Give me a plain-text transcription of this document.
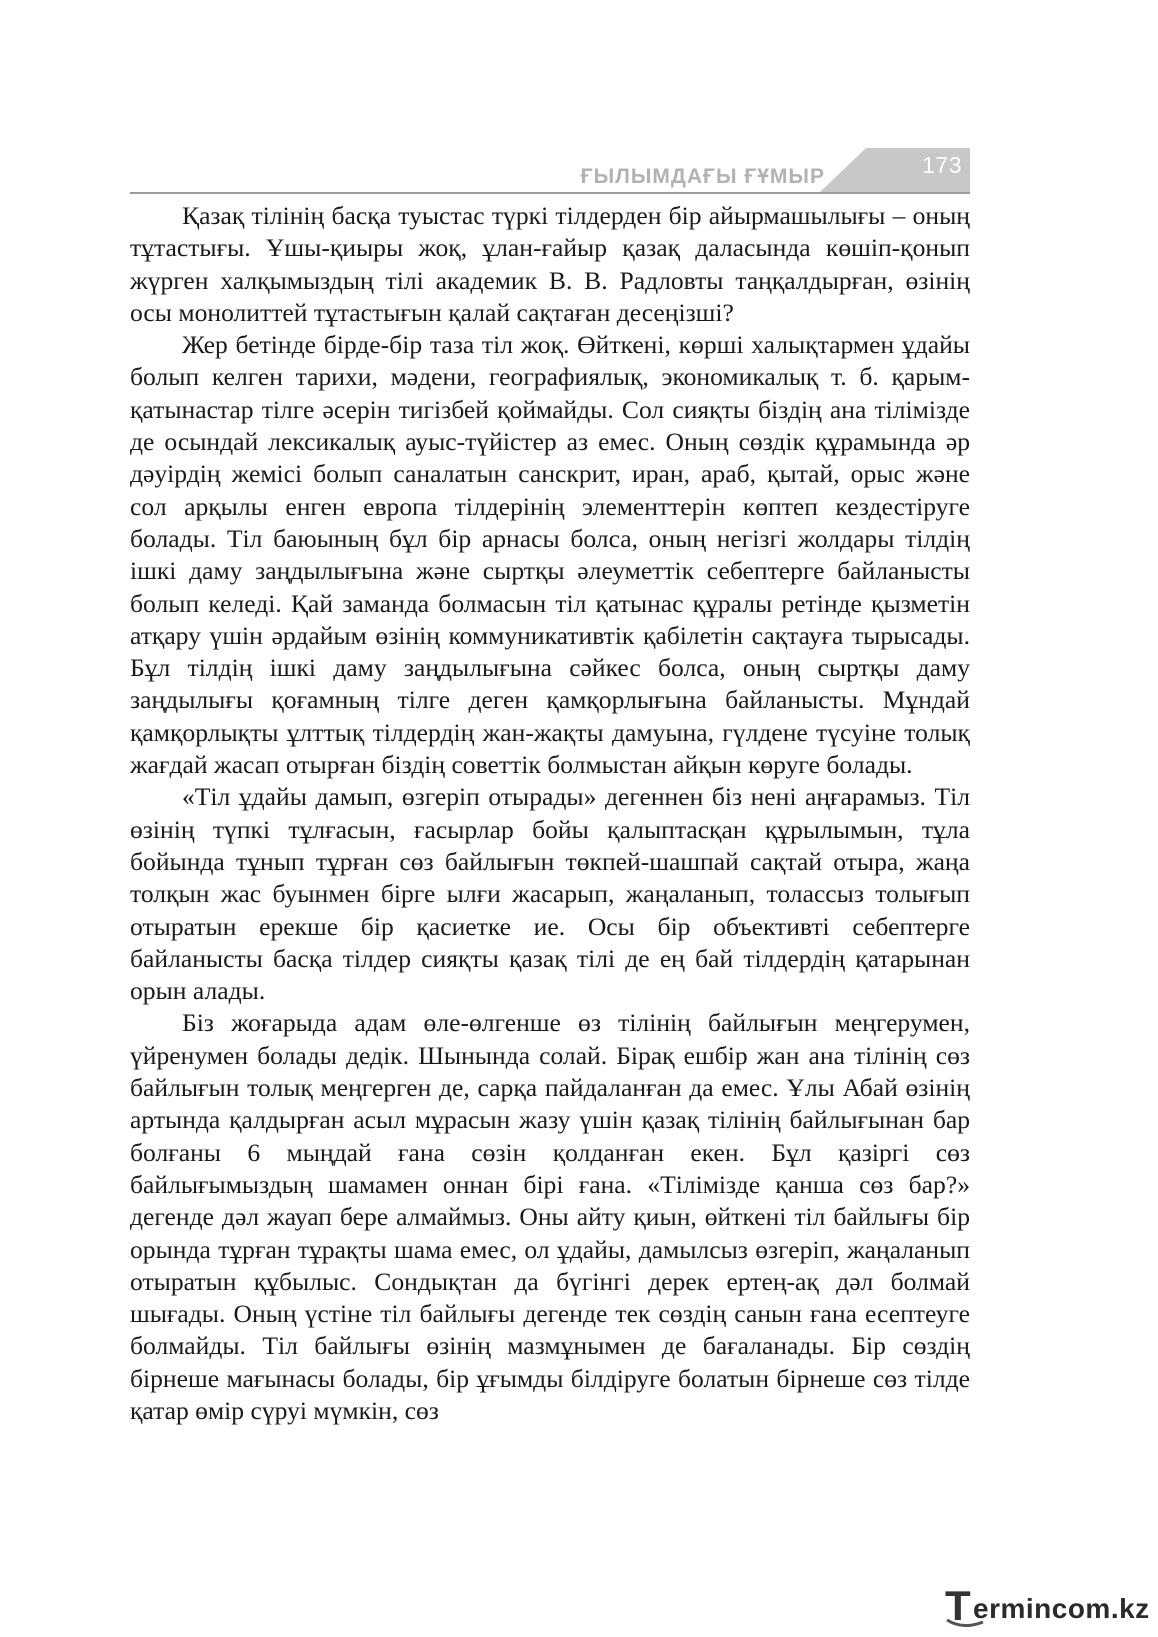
ҒЫЛЫМДАҒЫ ҒҰМЫР	173

Қазақ тілінің басқа туыстас түркі тілдерден бір айырмашылығы – оның тұтастығы. Ұшы-қиыры жоқ, ұлан-ғайыр қазақ даласында көшіп-қонып жүрген халқымыздың тілі академик В. В. Радловты таңқалдырған, өзінің осы монолиттей тұтастығын қалай сақтаған десеңізші?

Жер бетінде бірде-бір таза тіл жоқ. Өйткені, көрші халықтармен ұдайы болып келген тарихи, мәдени, географиялық, экономикалық т. б. қарым-қатынастар тілге әсерін тигізбей қоймайды. Сол сияқты біздің ана тілімізде де осындай лексикалық ауыс-түйістер аз емес. Оның сөздік құрамында әр дәуірдің жемісі болып саналатын санскрит, иран, араб, қытай, орыс және сол арқылы енген европа тілдерінің элементтерін көптеп кездестіруге болады. Тіл баюының бұл бір арнасы болса, оның негізгі жолдары тілдің ішкі даму заңдылығына және сыртқы әлеуметтік себептерге байланысты болып келеді. Қай заманда болмасын тіл қатынас құралы ретінде қызметін атқару үшін әрдайым өзінің коммуникативтік қабілетін сақтауға тырысады. Бұл тілдің ішкі даму заңдылығына сәйкес болса, оның сыртқы даму заңдылығы қоғамның тілге деген қамқорлығына байланысты. Мұндай қамқорлықты ұлттық тілдердің жан-жақты дамуына, гүлдене түсуіне толық жағдай жасап отырған біздің советтік болмыстан айқын көруге болады.

«Тіл ұдайы дамып, өзгеріп отырады» дегеннен біз нені аңғарамыз. Тіл өзінің түпкі тұлғасын, ғасырлар бойы қалыптасқан құрылымын, тұла бойында тұнып тұрған сөз байлығын төкпей-шашпай сақтай отыра, жаңа толқын жас буынмен бірге ылғи жасарып, жаңаланып, толассыз толығып отыратын ерекше бір қасиетке ие. Осы бір объективті себептерге байланысты басқа тілдер сияқты қазақ тілі де ең бай тілдердің қатарынан орын алады.

Біз жоғарыда адам өле-өлгенше өз тілінің байлығын меңгерумен, үйренумен болады дедік. Шынында солай. Бірақ ешбір жан ана тілінің сөз байлығын толық меңгерген де, сарқа пайдаланған да емес. Ұлы Абай өзінің артында қалдырған асыл мұрасын жазу үшін қазақ тілінің байлығынан бар болғаны 6 мыңдай ғана сөзін қолданған екен. Бұл қазіргі сөз байлығымыздың шамамен оннан бірі ғана. «Тілімізде қанша сөз бар?» дегенде дәл жауап бере алмаймыз. Оны айту қиын, өйткені тіл байлығы бір орында тұрған тұрақты шама емес, ол ұдайы, дамылсыз өзгеріп, жаңаланып отыратын құбылыс. Сондықтан да бүгінгі дерек ертең-ақ дәл болмай шығады. Оның үстіне тіл байлығы дегенде тек сөздің санын ғана есептеуге болмайды. Тіл байлығы өзінің мазмұнымен де бағаланады. Бір сөздің бірнеше мағынасы болады, бір ұғымды білдіруге болатын бірнеше сөз тілде қатар өмір сүруі мүмкін, сөз

T ermincom.kz
